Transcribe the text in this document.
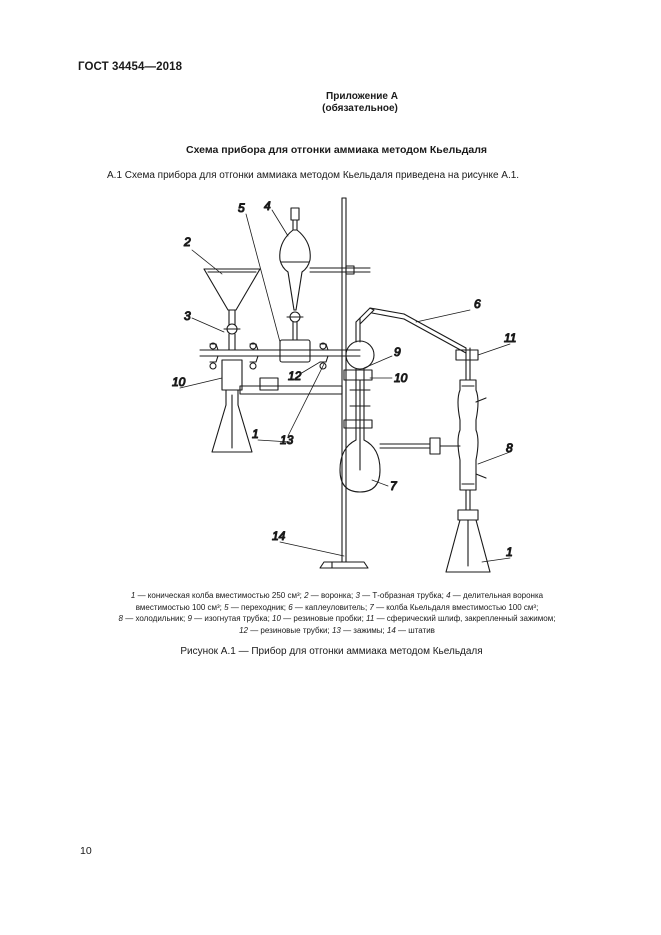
ГОСТ 34454—2018
Приложение А
(обязательное)
Схема прибора для отгонки аммиака методом Кьельдаля
А.1 Схема прибора для отгонки аммиака методом Кьельдаля приведена на рисунке А.1.
2
3
5 4
10
1
12
13
6
9
10
11
8
7
1
14
1 — коническая колба вместимостью 250 см³; 2 — воронка; 3 — Т-образная трубка; 4 — делительная воронка
вместимостью 100 см³; 5 — переходник; 6 — каплеуловитель; 7 — колба Кьельдаля вместимостью 100 см³;
8 — холодильник; 9 — изогнутая трубка; 10 — резиновые пробки; 11 — сферический шлиф, закрепленный зажимом;
12 — резиновые трубки; 13 — зажимы; 14 — штатив
Рисунок А.1 — Прибор для отгонки аммиака методом Кьельдаля
10
